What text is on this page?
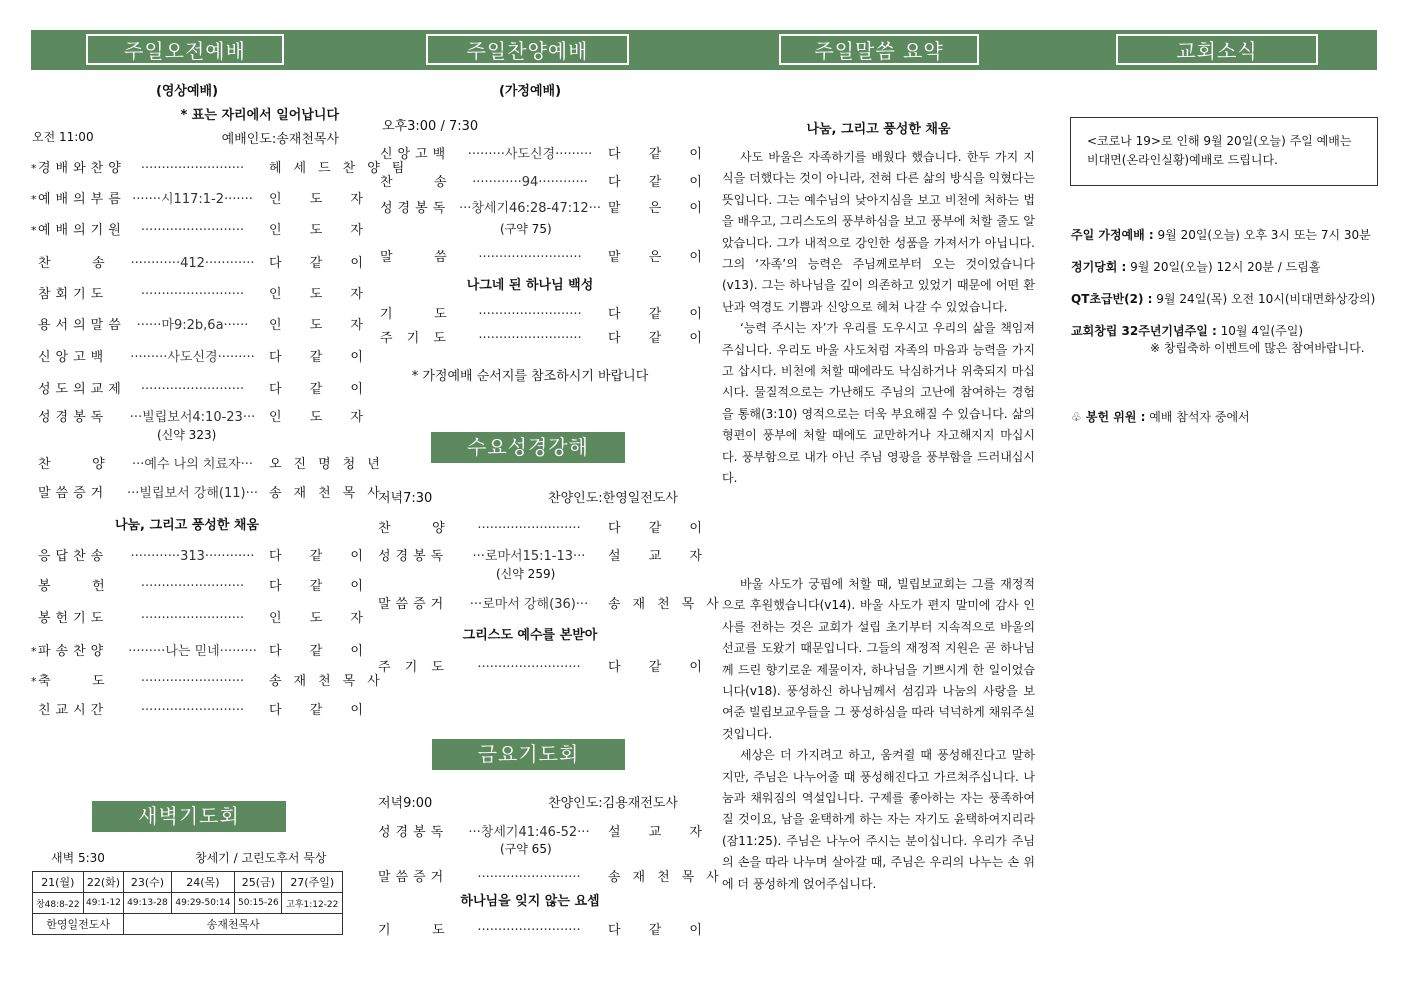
주일오전예배	주일찬양예배	주일말씀 요약	교회소식
(영상예배)
* 표는 자리에서 일어납니다
오전 11:00	예배인도:송재천목사
* 경배와찬양	·························	헤세드찬양팀
* 예배의부름 ·······시117:1-2·······	인 도 자
* 예배의기원	·························	인 도 자
찬    송	············412············	다 같 이
참회기도	·························	인 도 자
용서의말씀 ······마9:2b,6a······	인 도 자
신앙고백	·········사도신경·········	다 같 이
성도의교제	·························	다 같 이
성경봉독	···빌립보서4:10-23···	인 도 자
찬    양	···예수 나의 치료자···	오진명청년
말씀증거	···빌립보서 강해(11)··· 송재천목사
응답찬송	············313············	다 같 이
봉    헌	·························	다 같 이
봉헌기도	·························	인 도 자
* 파송찬양	·········나는 믿네········· 다 같 이
* 축    도	·························	송재천목사
친교시간	·························	다 같 이
(신약 323)
나눔, 그리고 풍성한 채움
새벽기도회
새벽 5:30	창세기 / 고린도후서 묵상
21(월)	22(화)	23(수)	24(목)	25(금)	27(주일)
창48:8-22	49:1-12	49:13-28	49:29-50:14	50:15-26	고후1:12-22
한영일전도사		송재천목사			
(가정예배)
오후3:00 / 7:30
신앙고백	·········사도신경·········	다 같 이
찬    송	············94············	다 같 이
성경봉독 ···창세기46:28-47:12··· 맡 은 이
말    씀	·························	맡 은 이
(구약 75)
나그네 된 하나님 백성
기    도	·························	다 같 이
주 기 도	·························	다 같 이
* 가정예배 순서지를 참조하시기 바랍니다
수요성경강해
저녁7:30	찬양인도:한영일전도사
찬    양	·························	다 같 이
성경봉독	···로마서15:1-13···	설 교 자
말씀증거	···로마서 강해(36)···	송재천목사
(신약 259)
그리스도 예수를 본받아
주 기 도	·························	다 같 이
금요기도회
저녁9:00	찬양인도:김용재전도사
성경봉독	···창세기41:46-52···	설 교 자
말씀증거	·························	송재천목사
(구약 65)
하나님을 잊지 않는 요셉
기    도	·························	다 같 이
나눔, 그리고 풍성한 채움

사도 바울은 자족하기를 배웠다 했습니다. 한두 가지 지식을 더했다는 것이 아니라, 전혀 다른 삶의 방식을 익혔다는 뜻입니다. 그는 예수님의 낮아지심을 보고 비천에 처하는 법을 배우고, 그리스도의 풍부하심을 보고 풍부에 처할 줄도 알았습니다. 그가 내적으로 강인한 성품을 가져서가 아닙니다. 그의 ‘자족’의 능력은 주님께로부터 오는 것이었습니다(v13). 그는 하나님을 깊이 의존하고 있었기 때문에 어떤 환난과 역경도 기쁨과 신앙으로 헤쳐 나갈 수 있었습니다.

‘능력 주시는 자’가 우리를 도우시고 우리의 삶을 책임져 주십니다. 우리도 바울 사도처럼 자족의 마음과 능력을 가지고 삽시다. 비천에 처할 때에라도 낙심하거나 위축되지 마십시다. 물질적으로는 가난해도 주님의 고난에 참여하는 경험을 통해(3:10) 영적으로는 더욱 부요해질 수 있습니다. 삶의 형편이 풍부에 처할 때에도 교만하거나 자고해지지 마십시다. 풍부함으로 내가 아닌 주님 영광을 풍부함을 드러내십시다.

바울 사도가 궁핍에 처할 때, 빌립보교회는 그를 재정적으로 후원했습니다(v14). 바울 사도가 편지 말미에 감사 인사를 전하는 것은 교회가 설립 초기부터 지속적으로 바울의 선교를 도왔기 때문입니다. 그들의 재정적 지원은 곧 하나님께 드린 향기로운 제물이자, 하나님을 기쁘시게 한 일이었습니다(v18). 풍성하신 하나님께서 섬김과 나눔의 사랑을 보여준 빌립보교우들을 그 풍성하심을 따라 넉넉하게 채워주실 것입니다.

세상은 더 가지려고 하고, 움켜쥘 때 풍성해진다고 말하지만, 주님은 나누어줄 때 풍성해진다고 가르쳐주십니다. 나눔과 채워짐의 역설입니다. 구제를 좋아하는 자는 풍족하여질 것이요, 남을 윤택하게 하는 자는 자기도 윤택하여지리라(잠11:25). 주님은 나누어 주시는 분이십니다. 우리가 주님의 손을 따라 나누며 살아갈 때, 주님은 우리의 나누는 손 위에 더 풍성하게 얹어주십니다.

<코로나 19>로 인해 9월 20일(오늘) 주일 예배는 비대면(온라인실황)예배로 드립니다.
주일 가정예배 : 9월 20일(오늘) 오후 3시 또는 7시 30분
정기당회 : 9월 20일(오늘) 12시 20분 / 드림홀
QT초급반(2) : 9월 24일(목) 오전 10시(비대면화상강의)
교회창립 32주년기념주일 : 10월 4일(주일)
※ 창립축하 이벤트에 많은 참여바랍니다.
♧ 봉헌 위원 : 예배 참석자 중에서
